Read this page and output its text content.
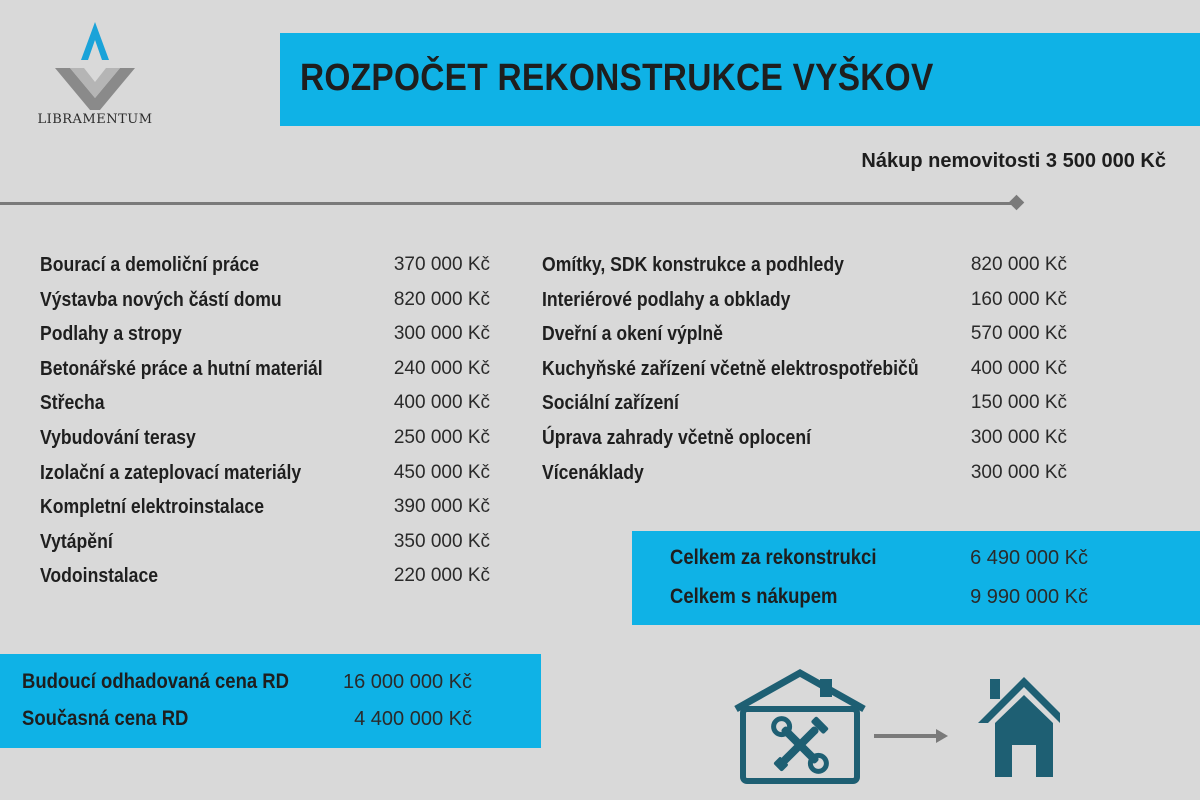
LIBRAMENTUM
ROZPOČET REKONSTRUKCE VYŠKOV
Nákup nemovitosti 3 500 000 Kč
Bourací a demoliční práce	370 000 Kč
Výstavba nových částí domu	820 000 Kč
Podlahy a stropy	300 000 Kč
Betonářské práce a hutní materiál	240 000 Kč
Střecha	400 000 Kč
Vybudování terasy	250 000 Kč
Izolační a zateplovací materiály	450 000 Kč
Kompletní elektroinstalace	390 000 Kč
Vytápění	350 000 Kč
Vodoinstalace	220 000 Kč
Omítky, SDK konstrukce a podhledy	820 000 Kč
Interiérové podlahy a obklady	160 000 Kč
Dveřní a okení výplně	570 000 Kč
Kuchyňské zařízení včetně elektrospotřebičů	400 000 Kč
Sociální zařízení	150 000 Kč
Úprava zahrady včetně oplocení	300 000 Kč
Vícenáklady	300 000 Kč
Celkem za rekonstrukci	6 490 000 Kč
Celkem s nákupem	9 990 000 Kč
Budoucí odhadovaná cena RD	16 000 000 Kč
Současná cena RD	4 400 000 Kč
